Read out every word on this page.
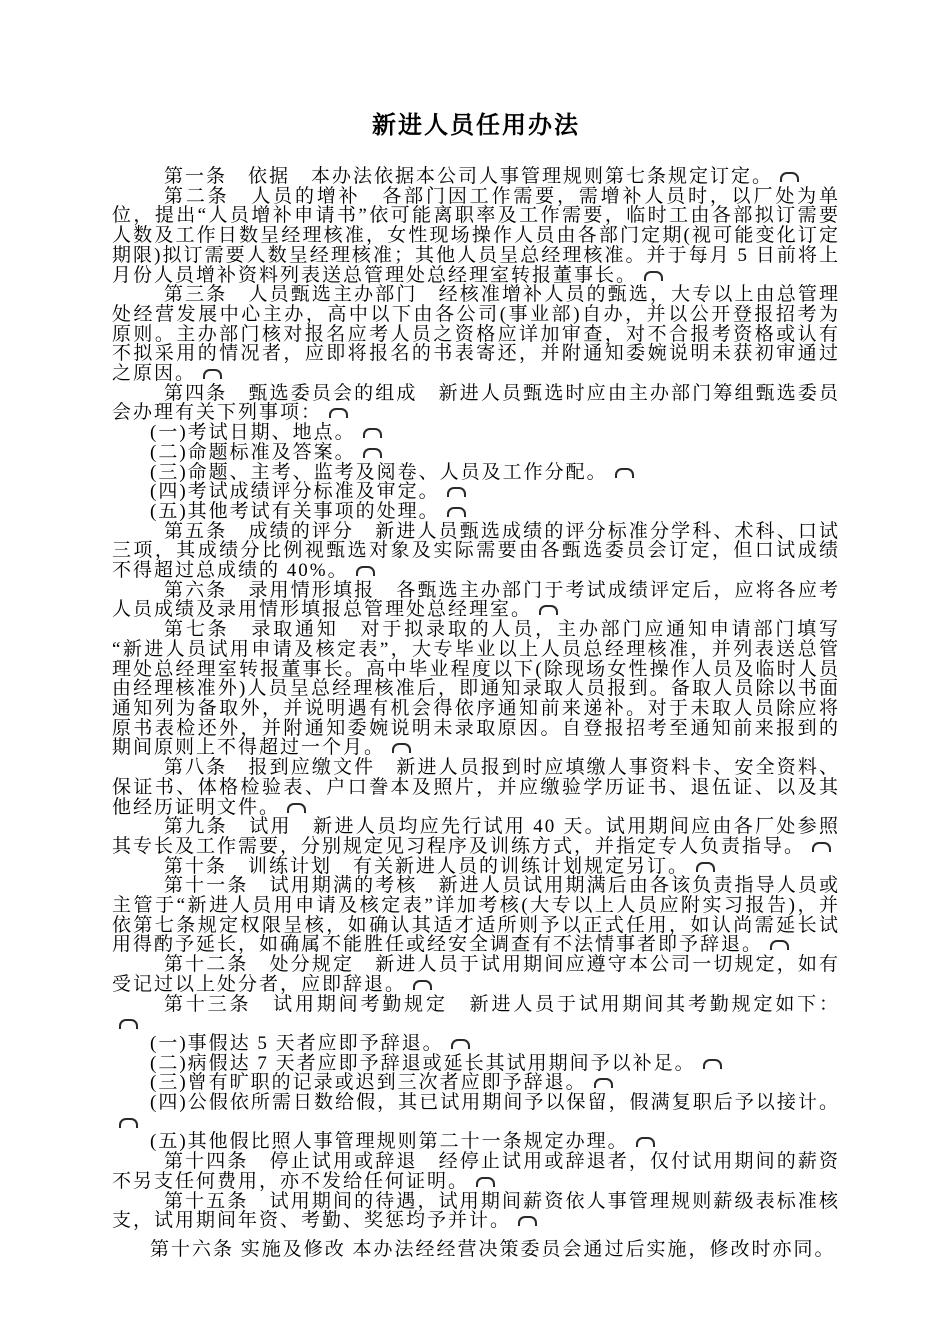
新进人员任用办法

第一条　依据　本办法依据本公司人事管理规则第七条规定订定。

第二条　人员的增补　各部门因工作需要，需增补人员时，以厂处为单位，提出“人员增补申请书”依可能离职率及工作需要，临时工由各部拟订需要人数及工作日数呈经理核准，女性现场操作人员由各部门定期(视可能变化订定期限)拟订需要人数呈经理核准；其他人员呈总经理核准。并于每月 5 日前将上月份人员增补资料列表送总管理处总经理室转报董事长。

第三条　人员甄选主办部门　经核准增补人员的甄选，大专以上由总管理处经营发展中心主办，高中以下由各公司(事业部)自办，并以公开登报招考为原则。主办部门核对报名应考人员之资格应详加审查，对不合报考资格或认有不拟采用的情况者，应即将报名的书表寄还，并附通知委婉说明未获初审通过之原因。

第四条　甄选委员会的组成　新进人员甄选时应由主办部门筹组甄选委员会办理有关下列事项：

(一)考试日期、地点。

(二)命题标准及答案。

(三)命题、主考、监考及阅卷、人员及工作分配。

(四)考试成绩评分标准及审定。

(五)其他考试有关事项的处理。

第五条　成绩的评分　新进人员甄选成绩的评分标准分学科、术科、口试三项，其成绩分比例视甄选对象及实际需要由各甄选委员会订定，但口试成绩不得超过总成绩的 40%。

第六条　录用情形填报　各甄选主办部门于考试成绩评定后，应将各应考人员成绩及录用情形填报总管理处总经理室。

第七条　录取通知　对于拟录取的人员，主办部门应通知申请部门填写“新进人员试用申请及核定表”，大专毕业以上人员总经理核准，并列表送总管理处总经理室转报董事长。高中毕业程度以下(除现场女性操作人员及临时人员由经理核准外)人员呈总经理核准后，即通知录取人员报到。备取人员除以书面通知列为备取外，并说明遇有机会得依序通知前来递补。对于未取人员除应将原书表检还外，并附通知委婉说明未录取原因。自登报招考至通知前来报到的期间原则上不得超过一个月。

第八条　报到应缴文件　新进人员报到时应填缴人事资料卡、安全资料、保证书、体格检验表、户口誊本及照片，并应缴验学历证书、退伍证、以及其他经历证明文件。

第九条　试用　新进人员均应先行试用 40 天。试用期间应由各厂处参照其专长及工作需要，分别规定见习程序及训练方式，并指定专人负责指导。

第十条　训练计划　有关新进人员的训练计划规定另订。

第十一条　试用期满的考核　新进人员试用期满后由各该负责指导人员或主管于“新进人员用申请及核定表”详加考核(大专以上人员应附实习报告)，并依第七条规定权限呈核，如确认其适才适所则予以正式任用，如认尚需延长试用得酌予延长，如确属不能胜任或经安全调查有不法情事者即予辞退。

第十二条　处分规定　新进人员于试用期间应遵守本公司一切规定，如有受记过以上处分者，应即辞退。

第十三条　试用期间考勤规定　新进人员于试用期间其考勤规定如下：

(一)事假达 5 天者应即予辞退。

(二)病假达 7 天者应即予辞退或延长其试用期间予以补足。

(三)曾有旷职的记录或迟到三次者应即予辞退。

(四)公假依所需日数给假，其已试用期间予以保留，假满复职后予以接计。

(五)其他假比照人事管理规则第二十一条规定办理。

第十四条　停止试用或辞退　经停止试用或辞退者，仅付试用期间的薪资不另支任何费用，亦不发给任何证明。

第十五条　试用期间的待遇，试用期间薪资依人事管理规则薪级表标准核支，试用期间年资、考勤、奖惩均予并计。

第十六条 实施及修改 本办法经经营决策委员会通过后实施，修改时亦同。
